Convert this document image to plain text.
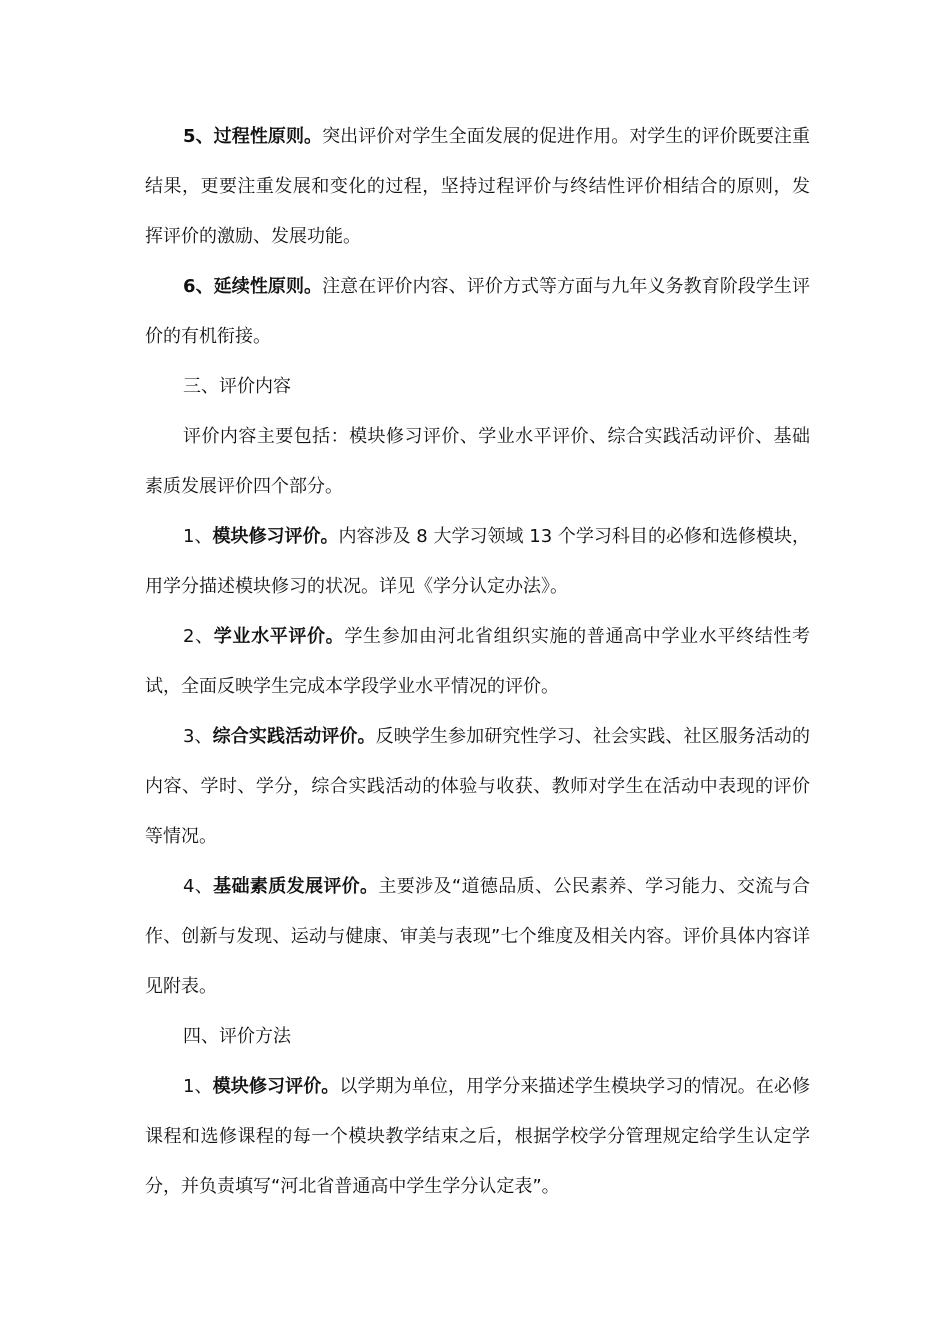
5、过程性原则。突出评价对学生全面发展的促进作用。对学生的评价既要注重结果，更要注重发展和变化的过程，坚持过程评价与终结性评价相结合的原则，发挥评价的激励、发展功能。

6、延续性原则。注意在评价内容、评价方式等方面与九年义务教育阶段学生评价的有机衔接。

三、评价内容

评价内容主要包括：模块修习评价、学业水平评价、综合实践活动评价、基础素质发展评价四个部分。

1、模块修习评价。内容涉及 8 大学习领域 13 个学习科目的必修和选修模块，用学分描述模块修习的状况。详见《学分认定办法》。

2、学业水平评价。学生参加由河北省组织实施的普通高中学业水平终结性考试，全面反映学生完成本学段学业水平情况的评价。

3、综合实践活动评价。反映学生参加研究性学习、社会实践、社区服务活动的内容、学时、学分，综合实践活动的体验与收获、教师对学生在活动中表现的评价等情况。

4、基础素质发展评价。主要涉及“道德品质、公民素养、学习能力、交流与合作、创新与发现、运动与健康、审美与表现”七个维度及相关内容。评价具体内容详见附表。

四、评价方法

1、模块修习评价。以学期为单位，用学分来描述学生模块学习的情况。在必修课程和选修课程的每一个模块教学结束之后，根据学校学分管理规定给学生认定学分，并负责填写“河北省普通高中学生学分认定表”。
